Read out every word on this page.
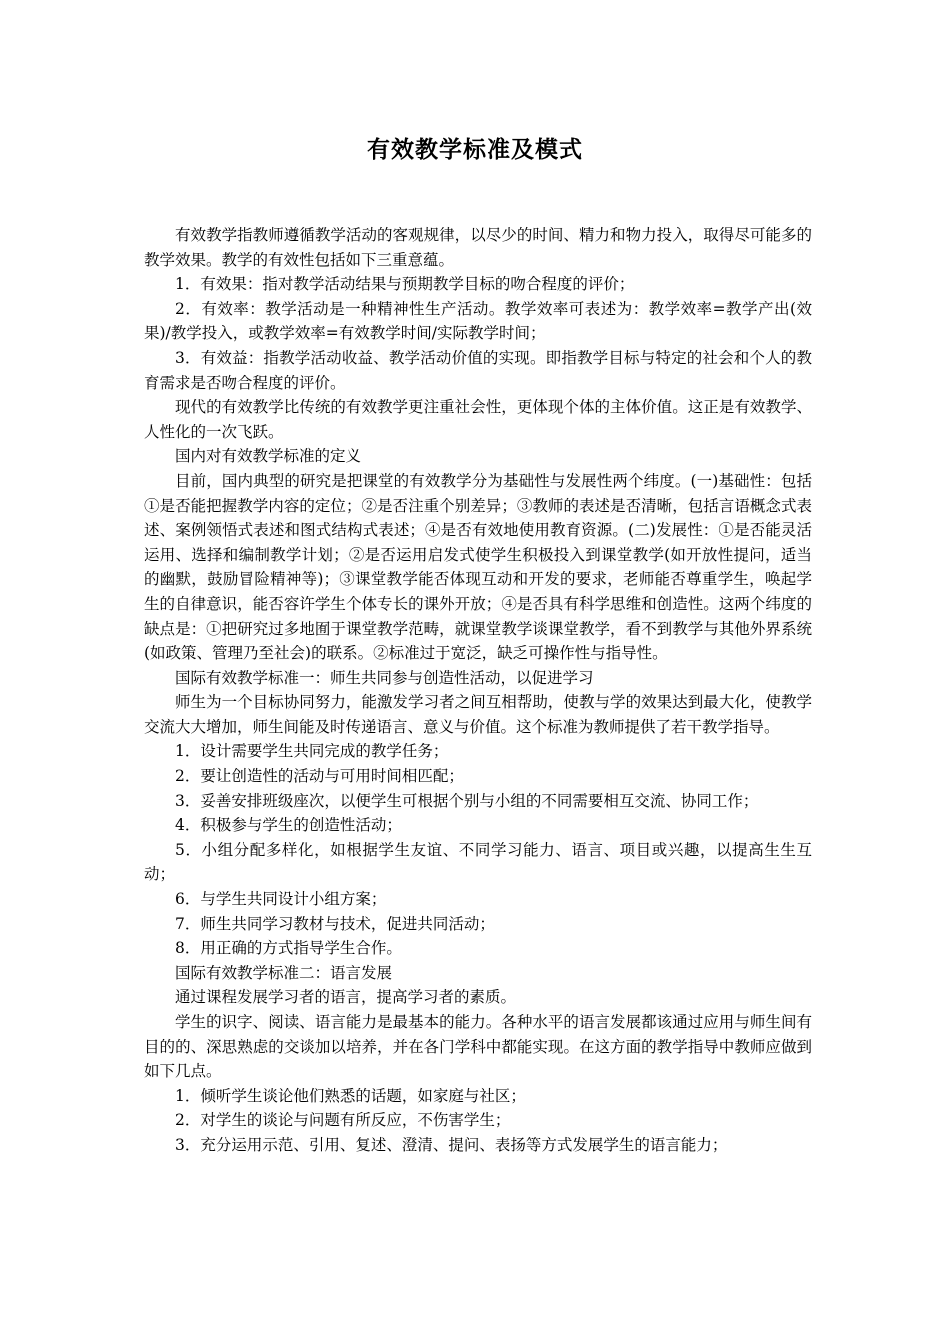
有效教学标准及模式

有效教学指教师遵循教学活动的客观规律，以尽少的时间、精力和物力投入，取得尽可能多的教学效果。教学的有效性包括如下三重意蕴。

1．有效果：指对教学活动结果与预期教学目标的吻合程度的评价；

2．有效率：教学活动是一种精神性生产活动。教学效率可表述为：教学效率=教学产出(效果)/教学投入，或教学效率=有效教学时间/实际教学时间；

3．有效益：指教学活动收益、教学活动价值的实现。即指教学目标与特定的社会和个人的教育需求是否吻合程度的评价。

现代的有效教学比传统的有效教学更注重社会性，更体现个体的主体价值。这正是有效教学、人性化的一次飞跃。

国内对有效教学标准的定义

目前，国内典型的研究是把课堂的有效教学分为基础性与发展性两个纬度。(一)基础性：包括①是否能把握教学内容的定位；②是否注重个别差异；③教师的表述是否清晰，包括言语概念式表述、案例领悟式表述和图式结构式表述；④是否有效地使用教育资源。(二)发展性：①是否能灵活运用、选择和编制教学计划；②是否运用启发式使学生积极投入到课堂教学(如开放性提问，适当的幽默，鼓励冒险精神等)；③课堂教学能否体现互动和开发的要求，老师能否尊重学生，唤起学生的自律意识，能否容许学生个体专长的课外开放；④是否具有科学思维和创造性。这两个纬度的缺点是：①把研究过多地囿于课堂教学范畴，就课堂教学谈课堂教学，看不到教学与其他外界系统(如政策、管理乃至社会)的联系。②标准过于宽泛，缺乏可操作性与指导性。

国际有效教学标准一：师生共同参与创造性活动，以促进学习

师生为一个目标协同努力，能激发学习者之间互相帮助，使教与学的效果达到最大化，使教学交流大大增加，师生间能及时传递语言、意义与价值。这个标准为教师提供了若干教学指导。

1．设计需要学生共同完成的教学任务；

2．要让创造性的活动与可用时间相匹配；

3．妥善安排班级座次，以便学生可根据个别与小组的不同需要相互交流、协同工作；

4．积极参与学生的创造性活动；

5．小组分配多样化，如根据学生友谊、不同学习能力、语言、项目或兴趣，以提高生生互动；

6．与学生共同设计小组方案；

7．师生共同学习教材与技术，促进共同活动；

8．用正确的方式指导学生合作。

国际有效教学标准二：语言发展

通过课程发展学习者的语言，提高学习者的素质。

学生的识字、阅读、语言能力是最基本的能力。各种水平的语言发展都该通过应用与师生间有目的的、深思熟虑的交谈加以培养，并在各门学科中都能实现。在这方面的教学指导中教师应做到如下几点。

1．倾听学生谈论他们熟悉的话题，如家庭与社区；

2．对学生的谈论与问题有所反应，不伤害学生；

3．充分运用示范、引用、复述、澄清、提问、表扬等方式发展学生的语言能力；
